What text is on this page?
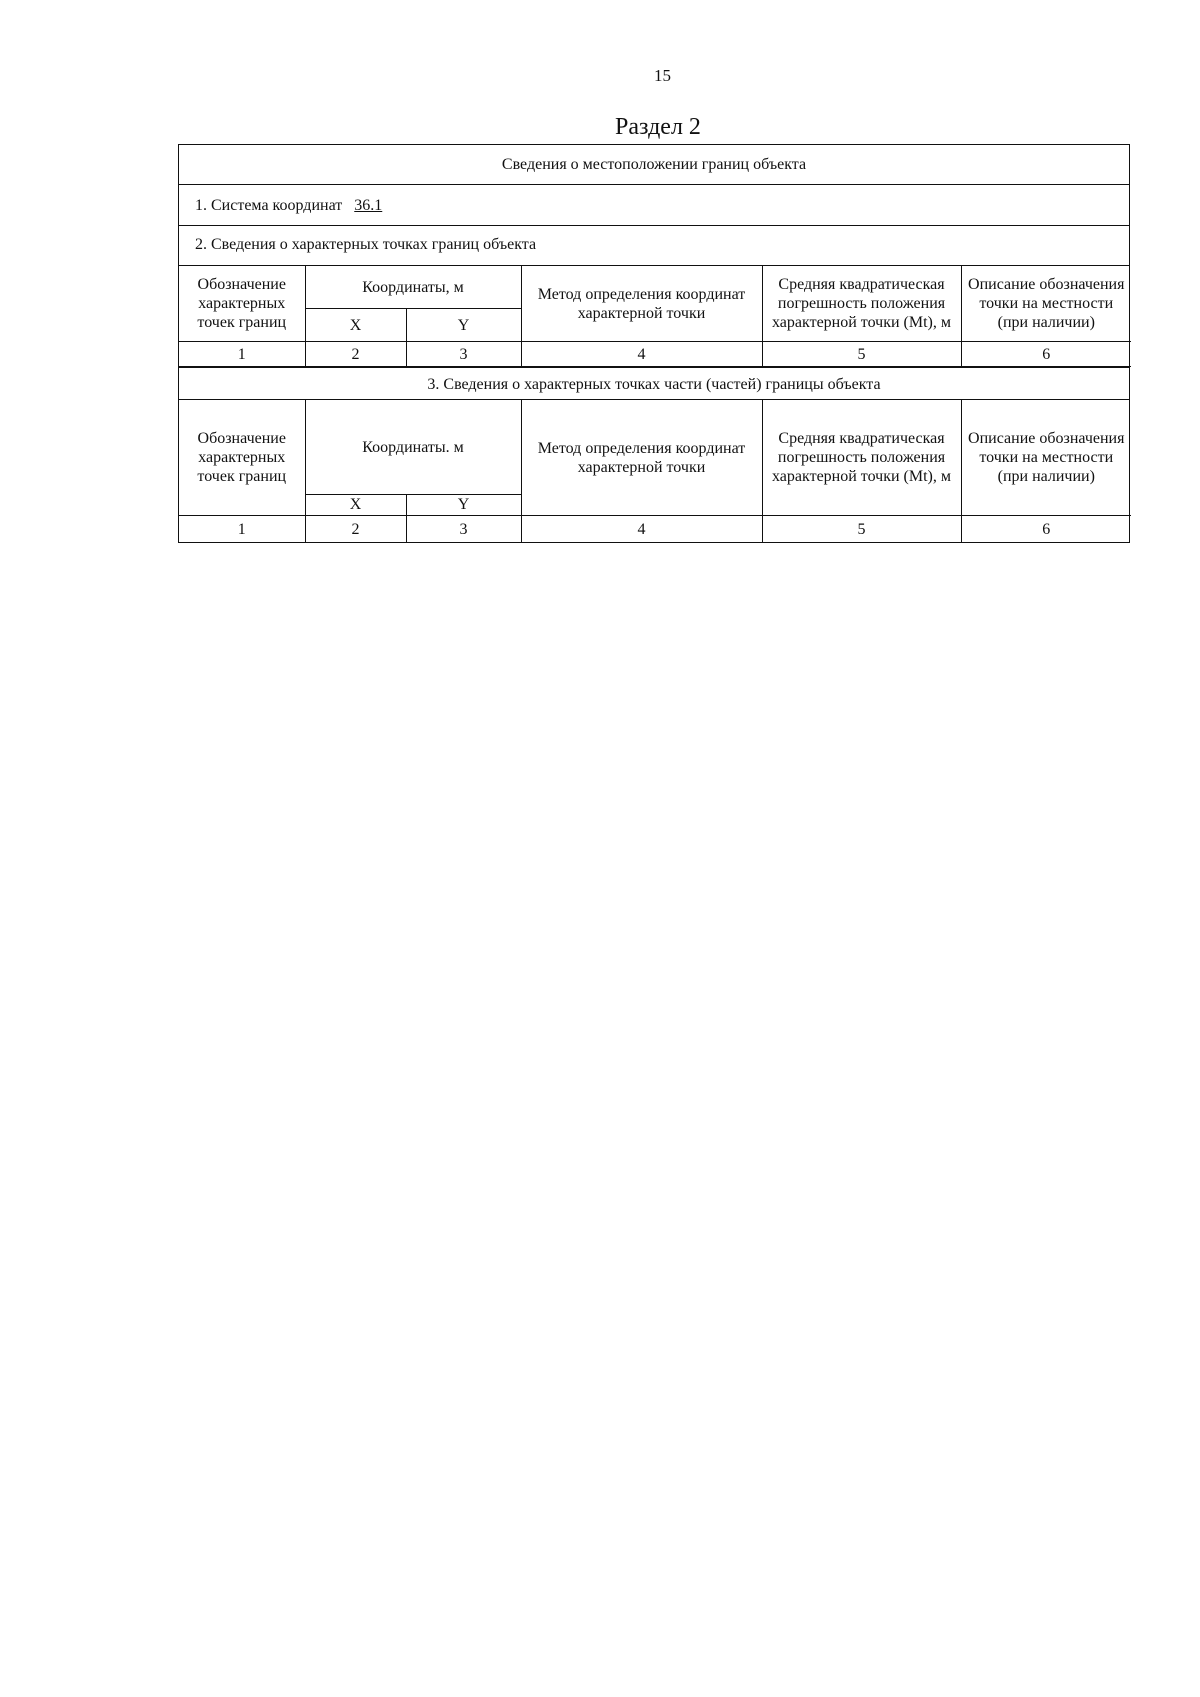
15
Раздел 2
Сведения о местоположении границ объекта
1. Система координат 36.1
2. Сведения о характерных точках границ объекта
Обозначение характерных точек границ	Координаты, м		Метод определения координат характерной точки	Средняя квадратическая погрешность положения характерной точки (Mt), м	Описание обозначения точки на местности (при наличии)
	X	Y			
1	2	3	4	5	6
3. Сведения о характерных точках части (частей) границы объекта
Обозначение характерных точек границ	Координаты. м		Метод определения координат характерной точки	Средняя квадратическая погрешность положения характерной точки (Mt), м	Описание обозначения точки на местности (при наличии)
	X	Y			
1	2	3	4	5	6
